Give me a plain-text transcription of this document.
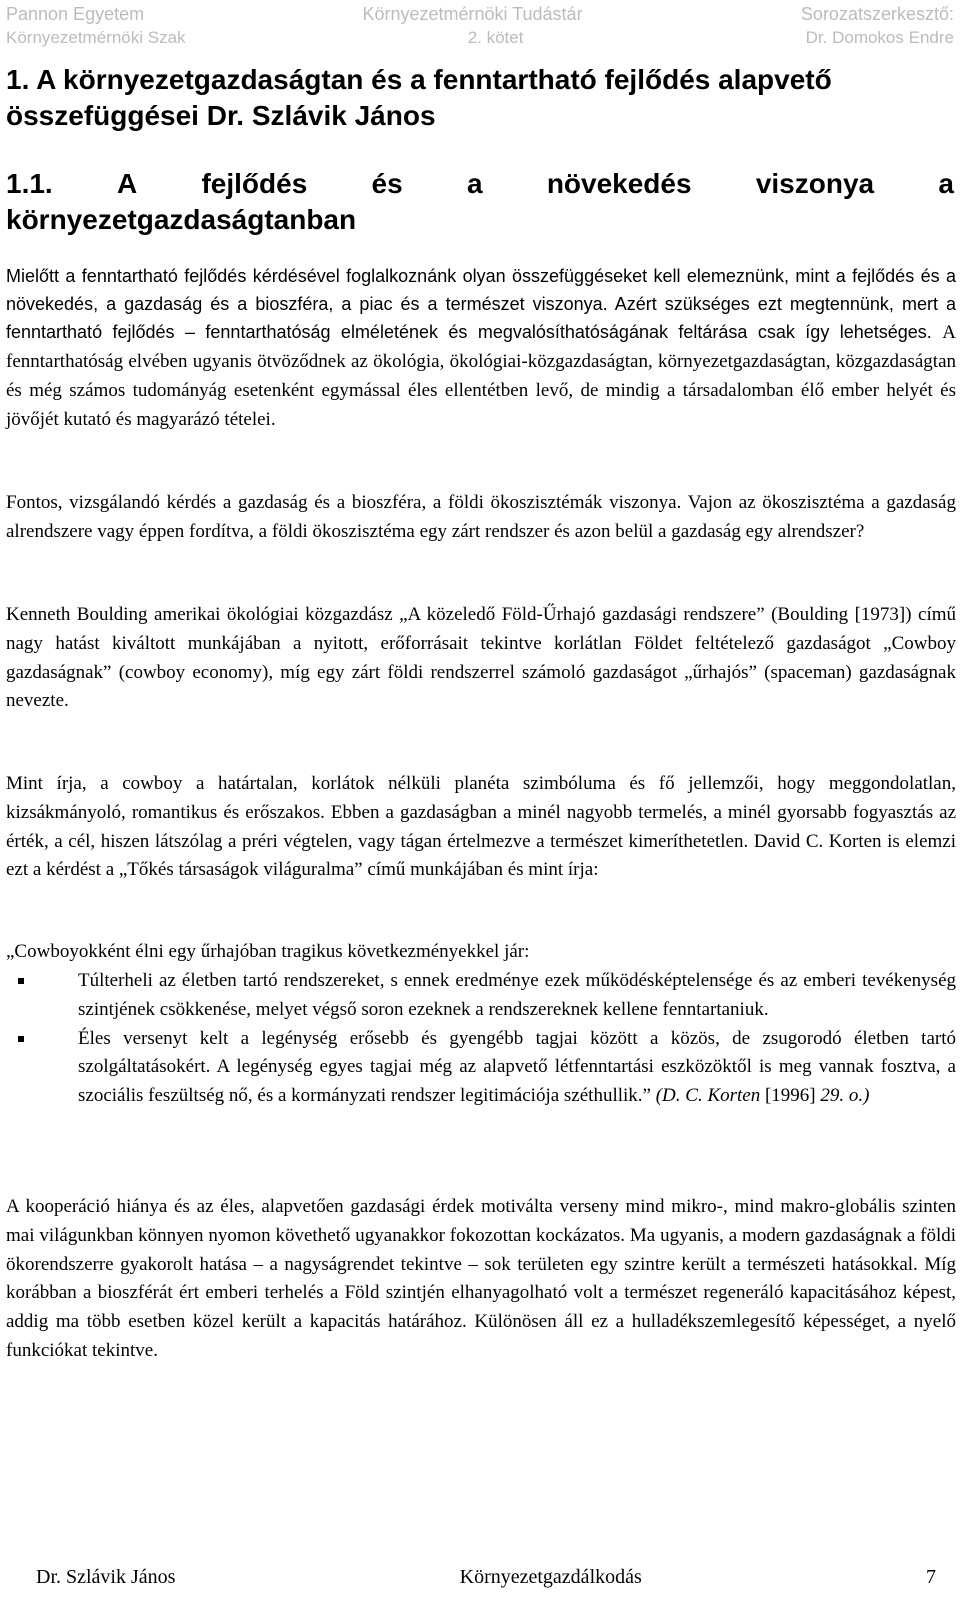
Pannon Egyetem	Környezetmérnöki Tudástár	Sorozatszerkesztő:
Környezetmérnöki Szak	2. kötet	Dr. Domokos Endre
1. A környezetgazdaságtan és a fenntartható fejlődés alapvető összefüggései Dr. Szlávik János
1.1. A fejlődés és a növekedés viszonya a
környezetgazdaságtanban

Mielőtt a fenntartható fejlődés kérdésével foglalkoznánk olyan összefüggéseket kell elemeznünk, mint a fejlődés és a növekedés, a gazdaság és a bioszféra, a piac és a természet viszonya. Azért szükséges ezt megtennünk, mert a fenntartható fejlődés – fenntarthatóság elméletének és megvalósíthatóságának feltárása csak így lehetséges. A fenntarthatóság elvében ugyanis ötvöződnek az ökológia, ökológiai-közgazdaságtan, környezetgazdaságtan, közgazdaságtan és még számos tudományág esetenként egymással éles ellentétben levő, de mindig a társadalomban élő ember helyét és jövőjét kutató és magyarázó tételei.

Fontos, vizsgálandó kérdés a gazdaság és a bioszféra, a földi ökoszisztémák viszonya. Vajon az ökoszisztéma a gazdaság alrendszere vagy éppen fordítva, a földi ökoszisztéma egy zárt rendszer és azon belül a gazdaság egy alrendszer?

Kenneth Boulding amerikai ökológiai közgazdász „A közeledő Föld-Űrhajó gazdasági rendszere” (Boulding [1973]) című nagy hatást kiváltott munkájában a nyitott, erőforrásait tekintve korlátlan Földet feltételező gazdaságot „Cowboy gazdaságnak” (cowboy economy), míg egy zárt földi rendszerrel számoló gazdaságot „űrhajós” (spaceman) gazdaságnak nevezte.

Mint írja, a cowboy a határtalan, korlátok nélküli planéta szimbóluma és fő jellemzői, hogy meggondolatlan, kizsákmányoló, romantikus és erőszakos. Ebben a gazdaságban a minél nagyobb termelés, a minél gyorsabb fogyasztás az érték, a cél, hiszen látszólag a préri végtelen, vagy tágan értelmezve a természet kimeríthetetlen. David C. Korten is elemzi ezt a kérdést a „Tőkés társaságok világuralma” című munkájában és mint írja:

„Cowboyokként élni egy űrhajóban tragikus következményekkel jár:

Túlterheli az életben tartó rendszereket, s ennek eredménye ezek működésképtelensége és az emberi tevékenység szintjének csökkenése, melyet végső soron ezeknek a rendszereknek kellene fenntartaniuk.
Éles versenyt kelt a legénység erősebb és gyengébb tagjai között a közös, de zsugorodó életben tartó szolgáltatásokért. A legénység egyes tagjai még az alapvető létfenntartási eszközöktől is meg vannak fosztva, a szociális feszültség nő, és a kormányzati rendszer legitimációja széthullik.” (D. C. Korten [1996] 29. o.)

A kooperáció hiánya és az éles, alapvetően gazdasági érdek motiválta verseny mind mikro-, mind makro-globális szinten mai világunkban könnyen nyomon követhető ugyanakkor fokozottan kockázatos. Ma ugyanis, a modern gazdaságnak a földi ökorendszerre gyakorolt hatása – a nagyságrendet tekintve – sok területen egy szintre került a természeti hatásokkal. Míg korábban a bioszférát ért emberi terhelés a Föld szintjén elhanyagolható volt a természet regeneráló kapacitásához képest, addig ma több esetben közel került a kapacitás határához. Különösen áll ez a hulladékszemlegesítő képességet, a nyelő funkciókat tekintve.

Dr. Szlávik János	Környezetgazdálkodás	7
